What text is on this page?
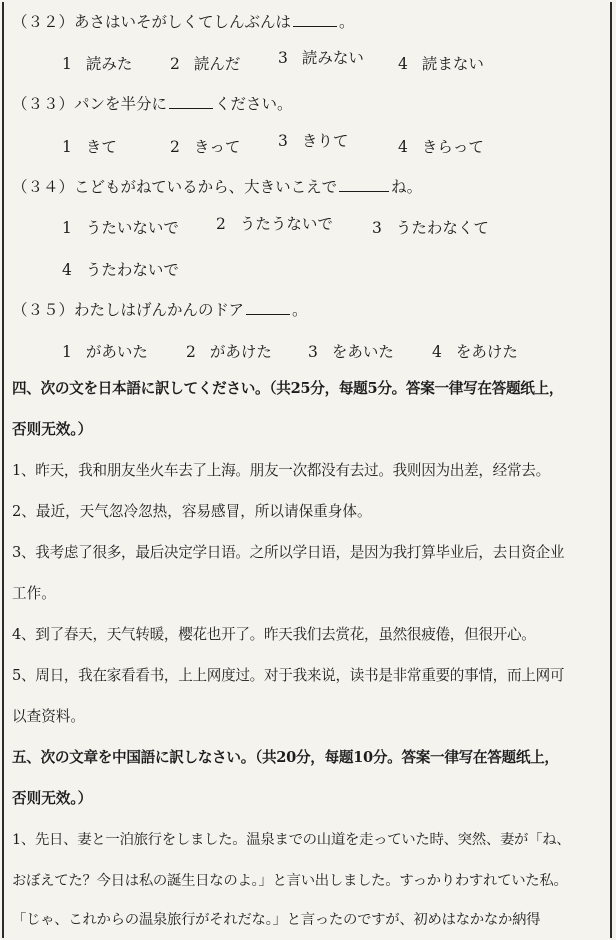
（３２）あさはいそがしくてしんぶんは	。
1 読みた 2 読んだ 3 読みない 4 読まない
（３３）パンを半分に	ください。
1 きて	2 きって 3 きりて	4 きらって
（３４）こどもがねているから、大きいこえで	ね。
1 うたいないで 2 うたうないで	3 うたわなくて
4 うたわないで
（３５）わたしはげんかんのドア	。
1 があいた 2 があけた 3 をあいた 4 をあけた
四、次の文を日本語に訳してください。（共25分，每题5分。答案一律写在答题纸上，
否则无效。）
1、昨天，我和朋友坐火车去了上海。朋友一次都没有去过。我则因为出差，经常去。
2、最近，天气忽冷忽热，容易感冒，所以请保重身体。
3、我考虑了很多，最后决定学日语。之所以学日语，是因为我打算毕业后，去日资企业
工作。
4、到了春天，天气转暖，樱花也开了。昨天我们去赏花，虽然很疲倦，但很开心。
5、周日，我在家看看书，上上网度过。对于我来说，读书是非常重要的事情，而上网可
以查资料。
五、次の文章を中国語に訳しなさい。（共20分，每题10分。答案一律写在答题纸上，
否则无效。）
1、先日、妻と一泊旅行をしました。温泉までの山道を走っていた時、突然、妻が「ね、
おぼえてた？今日は私の誕生日なのよ。」と言い出しました。すっかりわすれていた私。
「じゃ、これからの温泉旅行がそれだな。」と言ったのですが、初めはなかなか納得
